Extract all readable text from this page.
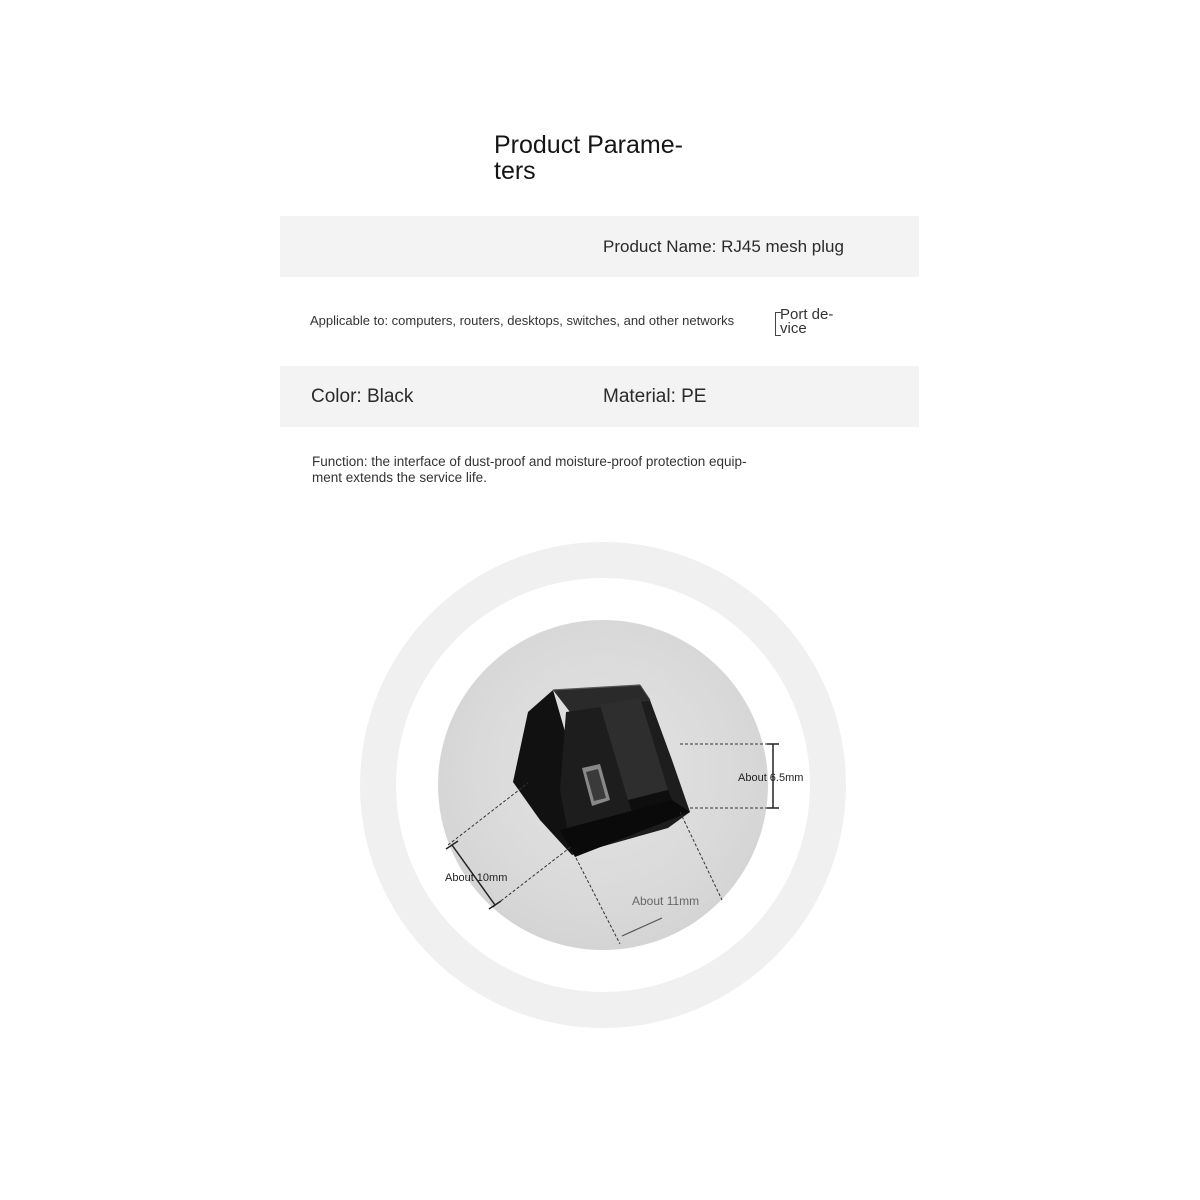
Product Parame-
ters
Product Name: RJ45 mesh plug
Applicable to: computers, routers, desktops, switches, and other networks	Port de-
vice
Color: Black	Material: PE
Function: the interface of dust-proof and moisture-proof protection equip-
ment extends the service life.
About 6.5mm
About 10mm
About 11mm
